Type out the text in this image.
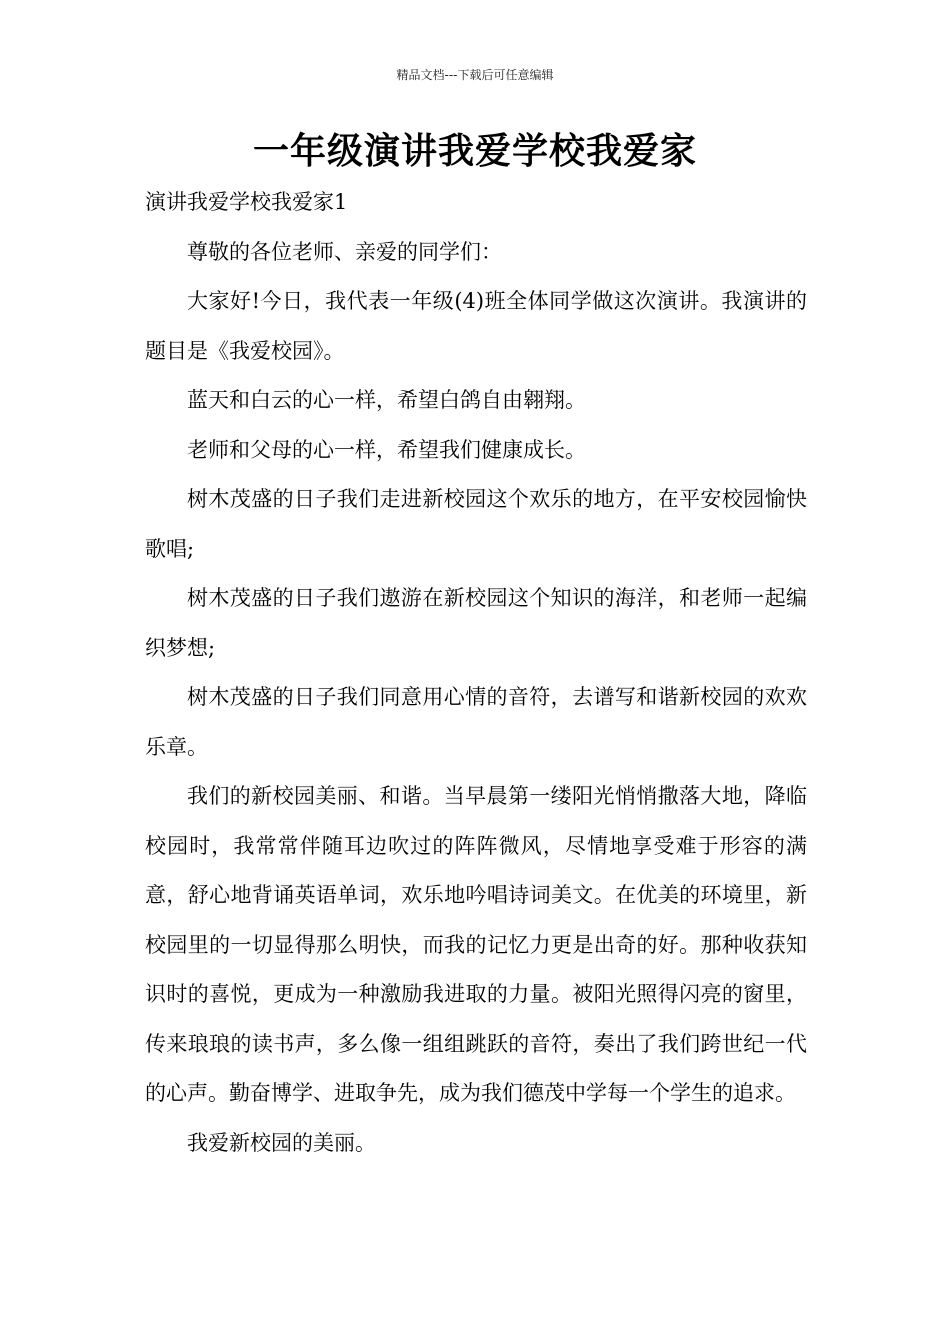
精品文档---下载后可任意编辑
一年级演讲我爱学校我爱家

演讲我爱学校我爱家1

尊敬的各位老师、亲爱的同学们：

大家好!今日，我代表一年级(4)班全体同学做这次演讲。我演讲的题目是《我爱校园》。

蓝天和白云的心一样，希望白鸽自由翱翔。

老师和父母的心一样，希望我们健康成长。

树木茂盛的日子我们走进新校园这个欢乐的地方，在平安校园愉快歌唱;

树木茂盛的日子我们遨游在新校园这个知识的海洋，和老师一起编织梦想;

树木茂盛的日子我们同意用心情的音符，去谱写和谐新校园的欢欢乐章。

我们的新校园美丽、和谐。当早晨第一缕阳光悄悄撒落大地，降临校园时，我常常伴随耳边吹过的阵阵微风，尽情地享受难于形容的满意，舒心地背诵英语单词，欢乐地吟唱诗词美文。在优美的环境里，新校园里的一切显得那么明快，而我的记忆力更是出奇的好。那种收获知识时的喜悦，更成为一种激励我进取的力量。被阳光照得闪亮的窗里，传来琅琅的读书声，多么像一组组跳跃的音符，奏出了我们跨世纪一代的心声。勤奋博学、进取争先，成为我们德茂中学每一个学生的追求。

我爱新校园的美丽。
